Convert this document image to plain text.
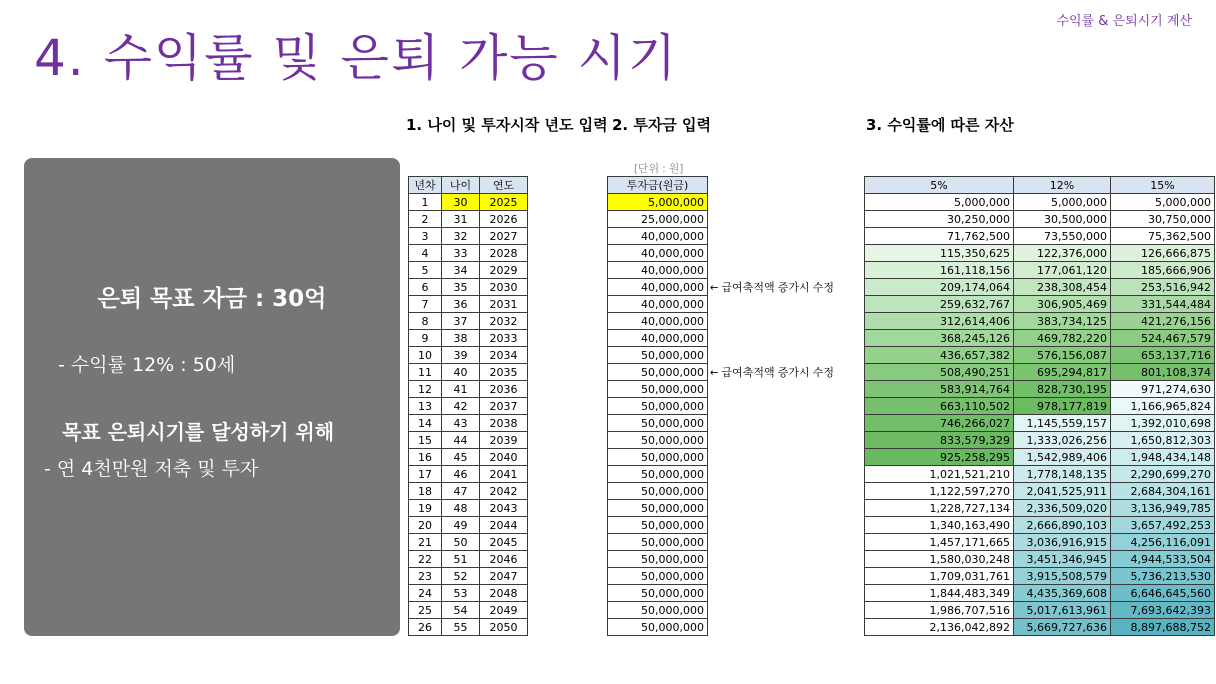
수익률 & 은퇴시기 계산
4. 수익률 및 은퇴 가능 시기
은퇴 목표 자금 : 30억
- 수익률 12% : 50세
목표 은퇴시기를 달성하기 위해
- 연 4천만원 저축 및 투자
1. 나이 및 투자시작 년도 입력 2. 투자금 입력	3. 수익률에 따른 자산
[단위 : 원]
년차	나이	연도
1	30	2025
2	31	2026
3	32	2027
4	33	2028
5	34	2029
6	35	2030
7	36	2031
8	37	2032
9	38	2033
10	39	2034
11	40	2035
12	41	2036
13	42	2037
14	43	2038
15	44	2039
16	45	2040
17	46	2041
18	47	2042
19	48	2043
20	49	2044
21	50	2045
22	51	2046
23	52	2047
24	53	2048
25	54	2049
26	55	2050
투자금(원금)
5,000,000
25,000,000
40,000,000
40,000,000
40,000,000
40,000,000
40,000,000
40,000,000
40,000,000
50,000,000
50,000,000
50,000,000
50,000,000
50,000,000
50,000,000
50,000,000
50,000,000
50,000,000
50,000,000
50,000,000
50,000,000
50,000,000
50,000,000
50,000,000
50,000,000
50,000,000
← 급여축적액 증가시 수정
← 급여축적액 증가시 수정
5%	12%	15%
5,000,000	5,000,000	5,000,000
30,250,000	30,500,000	30,750,000
71,762,500	73,550,000	75,362,500
115,350,625	122,376,000	126,666,875
161,118,156	177,061,120	185,666,906
209,174,064	238,308,454	253,516,942
259,632,767	306,905,469	331,544,484
312,614,406	383,734,125	421,276,156
368,245,126	469,782,220	524,467,579
436,657,382	576,156,087	653,137,716
508,490,251	695,294,817	801,108,374
583,914,764	828,730,195	971,274,630
663,110,502	978,177,819	1,166,965,824
746,266,027	1,145,559,157	1,392,010,698
833,579,329	1,333,026,256	1,650,812,303
925,258,295	1,542,989,406	1,948,434,148
1,021,521,210	1,778,148,135	2,290,699,270
1,122,597,270	2,041,525,911	2,684,304,161
1,228,727,134	2,336,509,020	3,136,949,785
1,340,163,490	2,666,890,103	3,657,492,253
1,457,171,665	3,036,916,915	4,256,116,091
1,580,030,248	3,451,346,945	4,944,533,504
1,709,031,761	3,915,508,579	5,736,213,530
1,844,483,349	4,435,369,608	6,646,645,560
1,986,707,516	5,017,613,961	7,693,642,393
2,136,042,892	5,669,727,636	8,897,688,752
